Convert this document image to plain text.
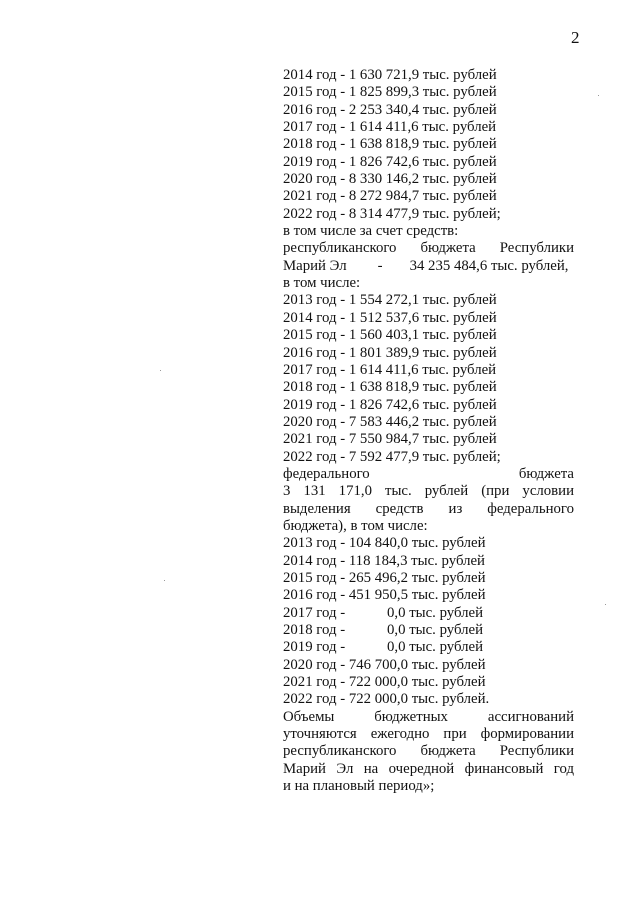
2
2014 год - 1 630 721,9 тыс. рублей
2015 год - 1 825 899,3 тыс. рублей
2016 год - 2 253 340,4 тыс. рублей
2017 год - 1 614 411,6 тыс. рублей
2018 год - 1 638 818,9 тыс. рублей
2019 год - 1 826 742,6 тыс. рублей
2020 год - 8 330 146,2 тыс. рублей
2021 год - 8 272 984,7 тыс. рублей
2022 год - 8 314 477,9 тыс. рублей;
в том числе за счет средств:
республиканского бюджета Республики
Марий Эл - 34 235 484,6 тыс. рублей,
в том числе:
2013 год - 1 554 272,1 тыс. рублей
2014 год - 1 512 537,6 тыс. рублей
2015 год - 1 560 403,1 тыс. рублей
2016 год - 1 801 389,9 тыс. рублей
2017 год - 1 614 411,6 тыс. рублей
2018 год - 1 638 818,9 тыс. рублей
2019 год - 1 826 742,6 тыс. рублей
2020 год - 7 583 446,2 тыс. рублей
2021 год - 7 550 984,7 тыс. рублей
2022 год - 7 592 477,9 тыс. рублей;
федерального бюджета
3 131 171,0 тыс. рублей (при условии
выделения средств из федерального
бюджета), в том числе:
2013 год - 104 840,0 тыс. рублей
2014 год - 118 184,3 тыс. рублей
2015 год - 265 496,2 тыс. рублей
2016 год - 451 950,5 тыс. рублей
2017 год -	0,0 тыс. рублей
2018 год -	0,0 тыс. рублей
2019 год -	0,0 тыс. рублей
2020 год - 746 700,0 тыс. рублей
2021 год - 722 000,0 тыс. рублей
2022 год - 722 000,0 тыс. рублей.
Объемы бюджетных ассигнований
уточняются ежегодно при формировании
республиканского бюджета Республики
Марий Эл на очередной финансовый год
и на плановый период»;
